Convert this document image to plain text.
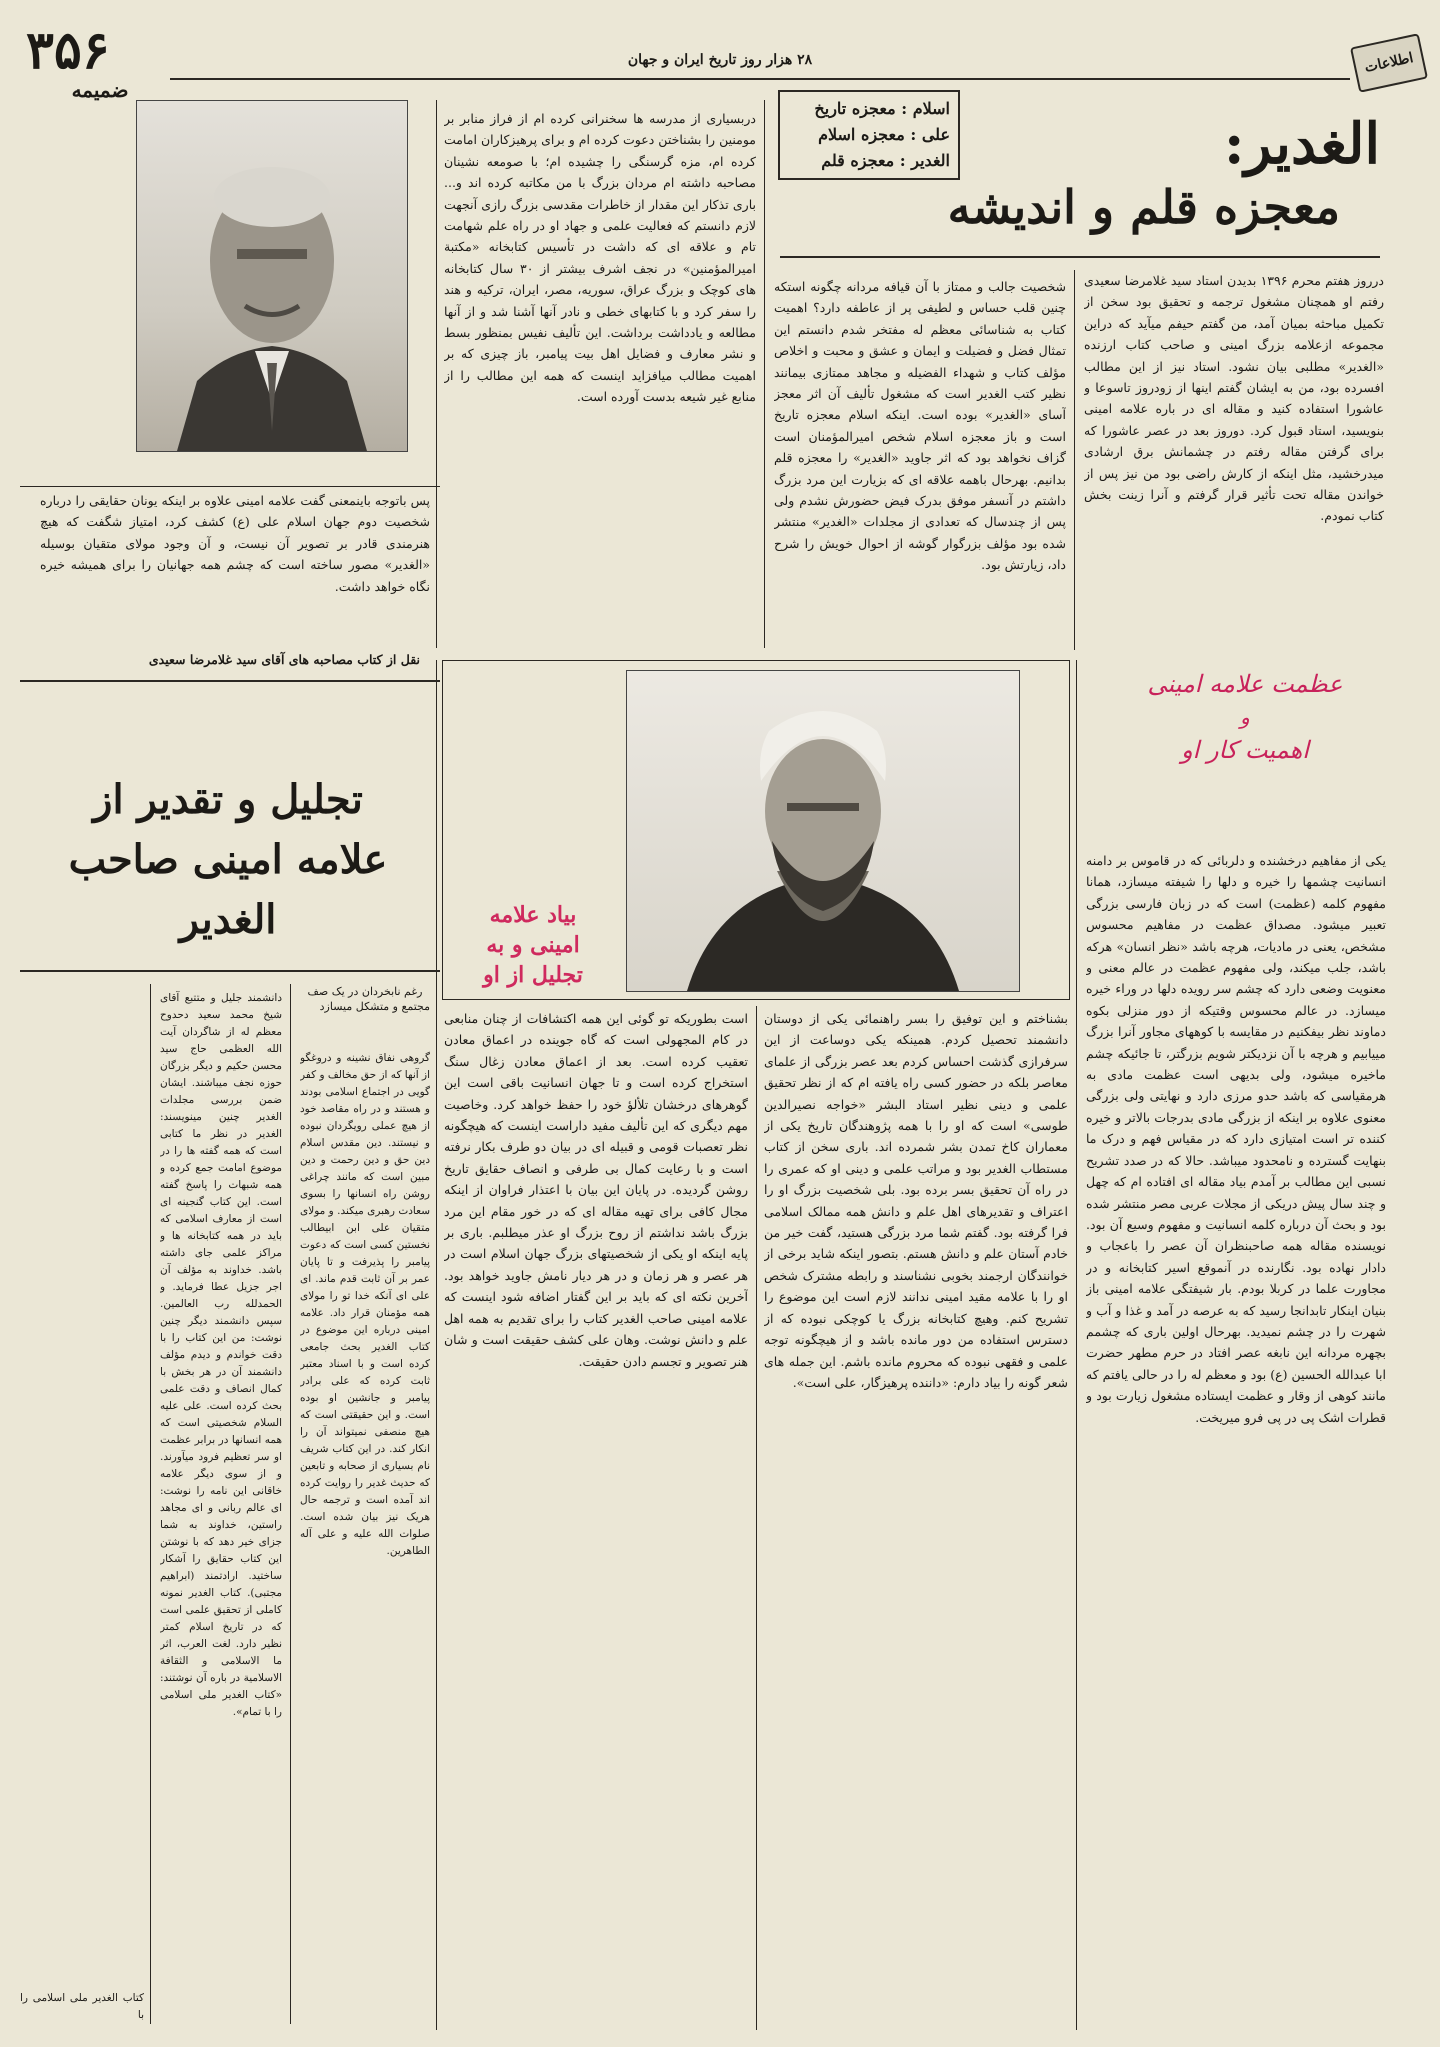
۳۵۶
ضمیمه
۲۸ هزار روز تاریخ ایران و جهان	اطلاعات
الغدیر:
معجزه قلم و اندیشه
اسلام : معجزه تاریخ
علی : معجزه اسلام
الغدیر : معجزه قلم
درروز هفتم محرم ۱۳۹۶ بدیدن استاد سید غلامرضا سعیدی رفتم او همچنان مشغول ترجمه و تحقیق بود سخن از تکمیل مباحثه بمیان آمد، من گفتم حیفم میآید که دراین مجموعه ازعلامه بزرگ امینی و صاحب کتاب ارزنده «الغدیر» مطلبی بیان نشود. استاد نیز از این مطالب افسرده بود، من به ایشان گفتم اینها از زودروز تاسوعا و عاشورا استفاده کنید و مقاله ای در باره علامه امینی بنویسید، استاد قبول کرد. دوروز بعد در عصر عاشورا که برای گرفتن مقاله رفتم در چشمانش برق ارشادی میدرخشید، مثل اینکه از کارش راضی بود من نیز پس از خواندن مقاله تحت تأثیر قرار گرفتم و آنرا زینت بخش کتاب نمودم.
شخصیت جالب و ممتاز با آن قیافه مردانه چگونه استکه چنین قلب حساس و لطیفی پر از عاطفه دارد؟ اهمیت کتاب به شناسائی معظم له مفتخر شدم دانستم این تمثال فضل و فضیلت و ایمان و عشق و محبت و اخلاص مؤلف کتاب و شهداء الفضیله و مجاهد ممتازی بیمانند نظیر کتب الغدیر است که مشغول تألیف آن اثر معجز آسای «الغدیر» بوده است. اینکه اسلام معجزه تاریخ است و باز معجزه اسلام شخص امیرالمؤمنان است گزاف نخواهد بود که اثر جاوید «الغدیر» را معجزه قلم بدانیم. بهرحال باهمه علاقه ای که بزیارت این مرد بزرگ داشتم در آنسفر موفق بدرک فیض حضورش نشدم ولی پس از چندسال که تعدادی از مجلدات «الغدیر» منتشر شده بود مؤلف بزرگوار گوشه از احوال خویش را شرح داد، زیارتش بود.
دربسیاری از مدرسه ها سخنرانی کرده ام از فراز منابر بر مومنین را بشناختن دعوت کرده ام و برای پرهیزکاران امامت کرده ام، مزه گرسنگی را چشیده ام؛ با صومعه نشینان مصاحبه داشته ام مردان بزرگ با من مکاتبه کرده اند و... باری تذکار این مقدار از خاطرات مقدسی بزرگ رازی آنجهت لازم دانستم که فعالیت علمی و جهاد او در راه علم شهامت تام و علاقه ای که داشت در تأسیس کتابخانه «مکتبة امیرالمؤمنین» در نجف اشرف بیشتر از ۳۰ سال کتابخانه های کوچک و بزرگ عراق، سوریه، مصر، ایران، ترکیه و هند را سفر کرد و با کتابهای خطی و نادر آنها آشنا شد و از آنها مطالعه و یادداشت برداشت. این تألیف نفیس بمنظور بسط و نشر معارف و فضایل اهل بیت پیامبر، باز چیزی که بر اهمیت مطالب میافزاید اینست که همه این مطالب را از منابع غیر شیعه بدست آورده است.
پس باتوجه باینمعنی گفت علامه امینی علاوه بر اینکه یونان حقایقی را درباره شخصیت دوم جهان اسلام علی (ع) کشف کرد، امتیاز شگفت که هیچ هنرمندی قادر بر تصویر آن نیست، و آن وجود مولای متقیان بوسیله «الغدیر» مصور ساخته است که چشم همه جهانیان را برای همیشه خیره نگاه خواهد داشت.
نقل از کتاب مصاحبه های آقای سید غلامرضا سعیدی
تجلیل و تقدیر از
علامه امینی صاحب
الغدیر	بیاد علامه
امینی و به
تجلیل از او
عظمت علامه امینی
و
اهمیت کار او
یکی از مفاهیم درخشنده و دلربائی که در قاموس بر دامنه انسانیت چشمها را خیره و دلها را شیفته میسازد، همانا مفهوم کلمه (عظمت) است که در زبان فارسی بزرگی تعبیر میشود. مصداق عظمت در مفاهیم محسوس مشخص، یعنی در مادیات، هرچه باشد «نظر انسان» هرکه باشد، جلب میکند، ولی مفهوم عظمت در عالم معنی و معنویت وضعی دارد که چشم سر رویده دلها در وراء خیره میسازد. در عالم محسوس وقتیکه از دور منزلی بکوه دماوند نظر بیفکنیم در مقایسه با کوههای مجاور آنرا بزرگ مییابیم و هرچه با آن نزدیکتر شویم بزرگتر، تا جائیکه چشم ماخیره میشود، ولی بدیهی است عظمت مادی به هرمقیاسی که باشد حدو مرزی دارد و نهایتی ولی بزرگی معنوی علاوه بر اینکه از بزرگی مادی بدرجات بالاتر و خیره کننده تر است امتیازی دارد که در مقیاس فهم و درک ما بنهایت گسترده و نامحدود میباشد. حالا که در صدد تشریح نسبی این مطالب بر آمدم بیاد مقاله ای افتاده ام که چهل و چند سال پیش دریکی از مجلات عربی مصر منتشر شده بود و بحث آن درباره کلمه انسانیت و مفهوم وسیع آن بود. نویسنده مقاله همه صاحبنظران آن عصر را باعجاب و دادار نهاده بود. نگارنده در آنموقع اسیر کتابخانه و در مجاورت علما در کربلا بودم. بار شیفتگی علامه امینی باز بنیان اینکار تابدانجا رسید که به عرصه در آمد و غذا و آب و شهرت را در چشم نمیدید. بهرحال اولین باری که چشمم بچهره مردانه این نابغه عصر افتاد در حرم مطهر حضرت ابا عبدالله الحسین (ع) بود و معظم له را در حالی یافتم که مانند کوهی از وقار و عظمت ایستاده مشغول زیارت بود و قطرات اشک پی در پی فرو میریخت.
بشناختم و این توفیق را بسر راهنمائی یکی از دوستان دانشمند تحصیل کردم. همینکه یکی دوساعت از این سرفرازی گذشت احساس کردم بعد عصر بزرگی از علمای معاصر بلکه در حضور کسی راه یافته ام که از نظر تحقیق علمی و دینی نظیر استاد البشر «خواجه نصیرالدین طوسی» است که او را با همه پژوهندگان تاریخ یکی از معماران کاخ تمدن بشر شمرده اند. باری سخن از کتاب مستطاب الغدیر بود و مراتب علمی و دینی او که عمری را در راه آن تحقیق بسر برده بود. بلی شخصیت بزرگ او را اعتراف و تقدیرهای اهل علم و دانش همه ممالک اسلامی فرا گرفته بود. گفتم شما مرد بزرگی هستید، گفت خیر من خادم آستان علم و دانش هستم. بتصور اینکه شاید برخی از خوانندگان ارجمند بخوبی نشناسند و رابطه مشترک شخص او را با علامه مقید امینی ندانند لازم است این موضوع را تشریح کنم. وهیچ کتابخانه بزرگ یا کوچکی نبوده که از دسترس استفاده من دور مانده باشد و از هیچگونه توجه علمی و فقهی نبوده که محروم مانده باشم. این جمله های شعر گونه را بیاد دارم: «داننده پرهیزگار، علی است».
است بطوریکه تو گوئی این همه اکتشافات از چنان منابعی در کام المجهولی است که گاه جوینده در اعماق معادن تعقیب کرده است. بعد از اعماق معادن زغال سنگ استخراج کرده است و تا جهان انسانیت باقی است این گوهرهای درخشان تلألؤ خود را حفظ خواهد کرد. وخاصیت مهم دیگری که این تألیف مفید داراست اینست که هیچگونه نظر تعصبات قومی و قبیله ای در بیان دو طرف بکار نرفته است و با رعایت کمال بی طرفی و انصاف حقایق تاریخ روشن گردیده. در پایان این بیان با اعتذار فراوان از اینکه مجال کافی برای تهیه مقاله ای که در خور مقام این مرد بزرگ باشد نداشتم از روح بزرگ او عذر میطلبم. باری بر پایه اینکه او یکی از شخصیتهای بزرگ جهان اسلام است در هر عصر و هر زمان و در هر دیار نامش جاوید خواهد بود. آخرین نکته ای که باید بر این گفتار اضافه شود اینست که علامه امینی صاحب الغدیر کتاب را برای تقدیم به همه اهل علم و دانش نوشت. وهان علی کشف حقیقت است و شان هنر تصویر و تجسم دادن حقیقت.
رغم نابخردان در یک صف مجتمع و متشکل میسازد
گروهی نفاق نشینه و دروغگو از آنها که از حق مخالف و کفر گویی در اجتماع اسلامی بودند و هستند و در راه مقاصد خود از هیچ عملی رویگردان نبوده و نیستند. دین مقدس اسلام دین حق و دین رحمت و دین مبین است که مانند چراغی روشن راه انسانها را بسوی سعادت رهبری میکند. و مولای متقیان علی ابن ابیطالب نخستین کسی است که دعوت پیامبر را پذیرفت و تا پایان عمر بر آن ثابت قدم ماند. ای علی ای آنکه خدا تو را مولای همه مؤمنان قرار داد. علامه امینی درباره این موضوع در کتاب الغدیر بحث جامعی کرده است و با اسناد معتبر ثابت کرده که علی برادر پیامبر و جانشین او بوده است. و این حقیقتی است که هیچ منصفی نمیتواند آن را انکار کند. در این کتاب شریف نام بسیاری از صحابه و تابعین که حدیث غدیر را روایت کرده اند آمده است و ترجمه حال هریک نیز بیان شده است. صلوات الله علیه و علی آله الطاهرین.
دانشمند جلیل و متتبع آقای شیخ محمد سعید دحدوح معظم له از شاگردان آیت الله العظمی حاج سید محسن حکیم و دیگر بزرگان حوزه نجف میباشند. ایشان ضمن بررسی مجلدات الغدیر چنین مینویسند: الغدیر در نظر ما کتابی است که همه گفته ها را در موضوع امامت جمع کرده و همه شبهات را پاسخ گفته است. این کتاب گنجینه ای است از معارف اسلامی که باید در همه کتابخانه ها و مراکز علمی جای داشته باشد. خداوند به مؤلف آن اجر جزیل عطا فرماید. و الحمدلله رب العالمین. سپس دانشمند دیگر چنین نوشت: من این کتاب را با دقت خواندم و دیدم مؤلف دانشمند آن در هر بخش با کمال انصاف و دقت علمی بحث کرده است. علی علیه السلام شخصیتی است که همه انسانها در برابر عظمت او سر تعظیم فرود میآورند. و از سوی دیگر علامه خاقانی این نامه را نوشت: ای عالم ربانی و ای مجاهد راستین، خداوند به شما جزای خیر دهد که با نوشتن این کتاب حقایق را آشکار ساختید. ارادتمند (ابراهیم مجتبی). کتاب الغدیر نمونه کاملی از تحقیق علمی است که در تاریخ اسلام کمتر نظیر دارد. لغت العرب، اثر ما الاسلامی و الثقافة الاسلامیة در باره آن نوشتند: «کتاب الغدیر ملی اسلامی را با تمام».
کتاب الغدیر ملی اسلامی را با
